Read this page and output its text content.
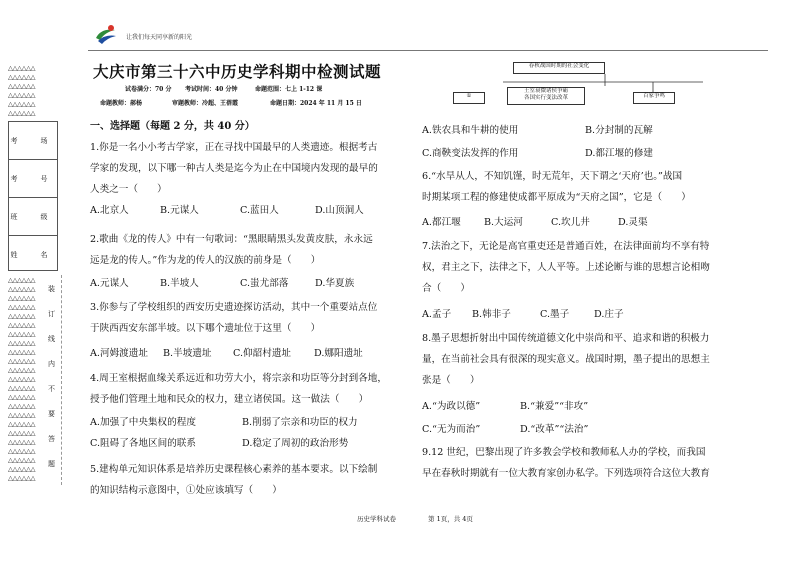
让我们每天同享新的阳光
△△△△△△
△△△△△△
△△△△△△
△△△△△△
△△△△△△
△△△△△△
考　场
考　号
班　级
姓　名
△△△△△△
△△△△△△
△△△△△△
△△△△△△
△△△△△△
△△△△△△
△△△△△△
△△△△△△
△△△△△△
△△△△△△
△△△△△△
△△△△△△
△△△△△△
△△△△△△
△△△△△△
△△△△△△
△△△△△△
△△△△△△
△△△△△△
△△△△△△
△△△△△△
△△△△△△
△△△△△△
装
订
线
内
不
要
答
题
大庆市第三十六中历史学科期中检测试题
试卷满分：70 分 考试时间：40 分钟	命题范围：七上 1-12 课
命题教师：郝杨	审题教师：冷超、王蓓霞	命题日期：2024 年 11 月 15 日
一、选择题（每题 2 分，共 40 分）
1.你是一名小小考古学家，正在寻找中国最早的人类遗迹。根据考古
学家的发现，以下哪一种古人类是迄今为止在中国境内发现的最早的
人类之一（　　）
A.北京人	B.元谋人	C.蓝田人	D.山顶洞人
2.歌曲《龙的传人》中有一句歌词：“黑眼睛黑头发黄皮肤，永永远
远是龙的传人。”作为龙的传人的汉族的前身是（　　）
A.元谋人	B.半坡人	C.蚩尤部落	D.华夏族
3.你参与了学校组织的西安历史遗迹探访活动，其中一个重要站点位
于陕西西安东部半坡。以下哪个遗址位于这里（　　）
A.河姆渡遗址 B.半坡遗址 C.仰韶村遗址 D.娜阳遗址
4.周王室根据血缘关系远近和功劳大小，将宗亲和功臣等分封到各地，
授予他们管理土地和民众的权力，建立诸侯国。这一做法（　　）
A.加强了中央集权的程度	B.削弱了宗亲和功臣的权力
C.阻碍了各地区间的联系	D.稳定了周初的政治形势
5.建构单元知识体系是培养历史课程核心素养的基本要求。以下绘制
的知识结构示意图中，①处应该填写（　　）
春秋战国时期的社会变化
①
王室衰微诸侯争霸
各国实行变法改革	百家争鸣
A.铁农具和牛耕的使用	B.分封制的瓦解
C.商鞅变法发挥的作用	D.都江堰的修建
6.“水旱从人，不知饥馑，时无荒年，天下谓之‘天府’也。”战国
时期某项工程的修建使成都平原成为“天府之国”，它是（　　）
A.都江堰 B.大运河	C.坎儿井	D.灵渠
7.法治之下，无论是高官重吏还是普通百姓，在法律面前均不享有特
权，君主之下，法律之下，人人平等。上述论断与谁的思想言论相吻
合（　　）
A.孟子 B.韩非子	C.墨子	D.庄子
8.墨子思想折射出中国传统道德文化中崇尚和平、追求和谐的积极力
量，在当前社会具有很深的现实意义。战国时期，墨子提出的思想主
张是（　　）
A.“为政以德”	B.“兼爱”“非攻”
C.“无为而治”	D.“改革”“法治”
9.12 世纪，巴黎出现了许多教会学校和教师私人办的学校，而我国
早在春秋时期就有一位大教育家创办私学。下列选项符合这位大教育
历史学科试卷	第 1页，共 4页
